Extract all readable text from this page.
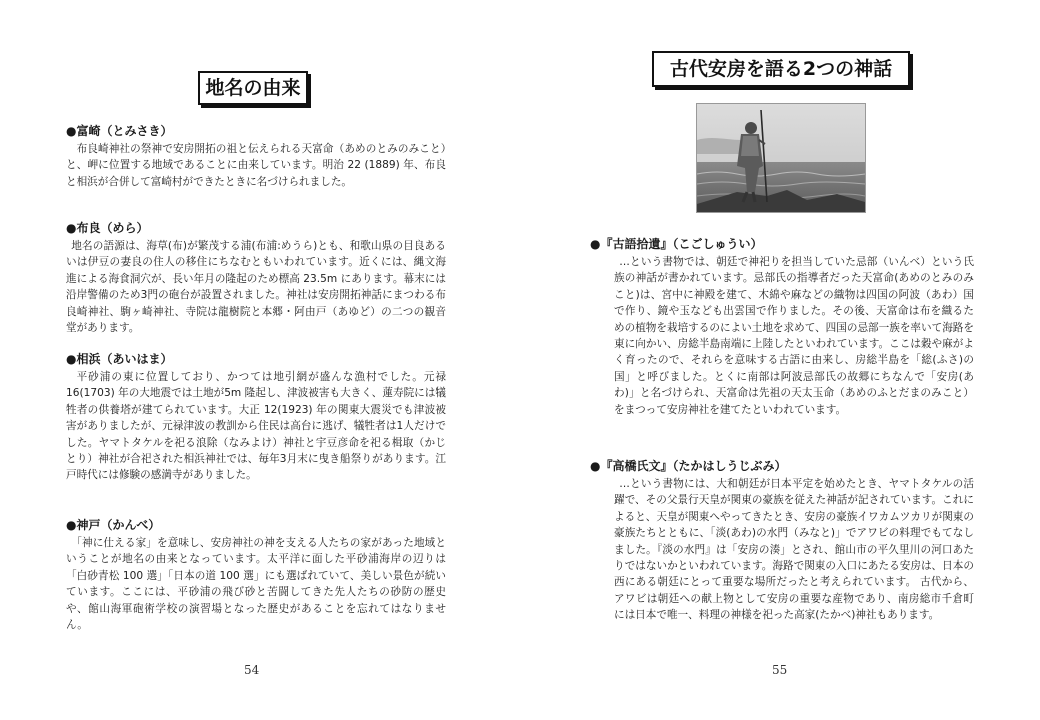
地名の由来
●富崎（とみさき）
布良崎神社の祭神で安房開拓の祖と伝えられる天富命（あめのとみのみこと）と、岬に位置する地域であることに由来しています。明治 22 (1889) 年、布良と相浜が合併して富崎村ができたときに名づけられました。
●布良（めら）
地名の語源は、海草(布)が繁茂する浦(布浦:めうら)とも、和歌山県の目良あるいは伊豆の妻良の住人の移住にちなむともいわれています。近くには、縄文海進による海食洞穴が、長い年月の隆起のため標高 23.5m にあります。幕末には沿岸警備のため3門の砲台が設置されました。神社は安房開拓神話にまつわる布良崎神社、駒ヶ崎神社、寺院は龍樹院と本郷・阿由戸（あゆど）の二つの観音堂があります。
●相浜（あいはま）
平砂浦の東に位置しており、かつては地引網が盛んな漁村でした。元禄 16(1703) 年の大地震では土地が5m 隆起し、津波被害も大きく、蓮寿院には犠牲者の供養塔が建てられています。大正 12(1923) 年の関東大震災でも津波被害がありましたが、元禄津波の教訓から住民は高台に逃げ、犠牲者は1人だけでした。ヤマトタケルを祀る浪除（なみよけ）神社と宇豆彦命を祀る楫取（かじとり）神社が合祀された相浜神社では、毎年3月末に曳き船祭りがあります。江戸時代には修験の感満寺がありました。
●神戸（かんべ）
「神に仕える家」を意味し、安房神社の神を支える人たちの家があった地域ということが地名の由来となっています。太平洋に面した平砂浦海岸の辺りは「白砂青松 100 選」「日本の道 100 選」にも選ばれていて、美しい景色が続いています。ここには、平砂浦の飛び砂と苦闘してきた先人たちの砂防の歴史や、館山海軍砲術学校の演習場となった歴史があることを忘れてはなりません。
54
古代安房を語る2つの神話
●『古語拾遺』（こごしゅうい）
…という書物では、朝廷で神祀りを担当していた忌部（いんべ）という氏族の神話が書かれています。忌部氏の指導者だった天富命(あめのとみのみこと)は、宮中に神殿を建て、木綿や麻などの織物は四国の阿波（あわ）国で作り、鏡や玉なども出雲国で作りました。その後、天富命は布を織るための植物を栽培するのによい土地を求めて、四国の忌部一族を率いて海路を東に向かい、房総半島南端に上陸したといわれています。ここは穀や麻がよく育ったので、それらを意味する古語に由来し、房総半島を「総(ふさ)の国」と呼びました。とくに南部は阿波忌部氏の故郷にちなんで「安房(あわ)」と名づけられ、天富命は先祖の天太玉命（あめのふとだまのみこと）をまつって安房神社を建てたといわれています。
●『高橋氏文』（たかはしうじぶみ）
…という書物には、大和朝廷が日本平定を始めたとき、ヤマトタケルの活躍で、その父景行天皇が関東の豪族を従えた神話が記されています。これによると、天皇が関東へやってきたとき、安房の豪族イワカムツカリが関東の豪族たちとともに、「淡(あわ)の水門（みなと)」でアワビの料理でもてなしました。『淡の水門』は「安房の湊」とされ、館山市の平久里川の河口あたりではないかといわれています。海路で関東の入口にあたる安房は、日本の西にある朝廷にとって重要な場所だったと考えられています。 古代から、アワビは朝廷への献上物として安房の重要な産物であり、南房総市千倉町には日本で唯一、料理の神様を祀った高家(たかべ)神社もあります。
55
